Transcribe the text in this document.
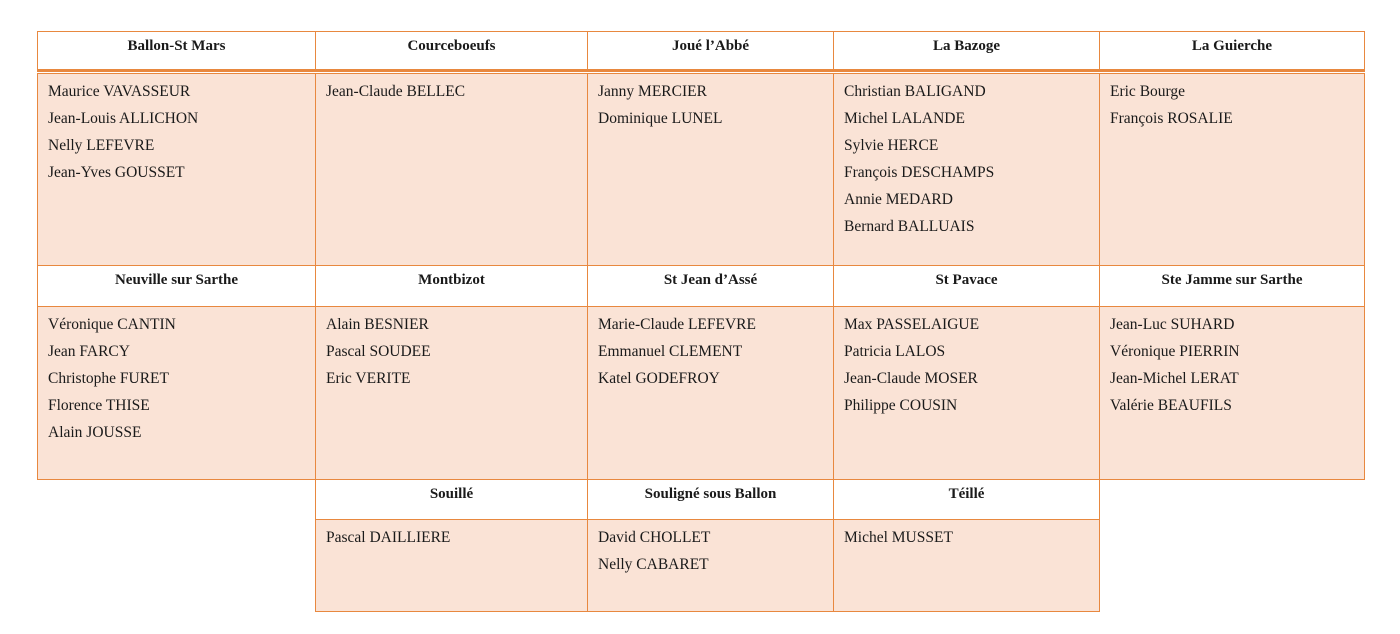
Ballon-St Mars
Maurice VAVASSEUR
Jean-Louis ALLICHON
Nelly LEFEVRE
Jean-Yves GOUSSET
Courceboeufs
Jean-Claude BELLEC
Joué l’Abbé
Janny MERCIER
Dominique LUNEL
La Bazoge
Christian BALIGAND
Michel LALANDE
Sylvie HERCE
François DESCHAMPS
Annie MEDARD
Bernard BALLUAIS
La Guierche
Eric Bourge
François ROSALIE
Neuville sur Sarthe
Véronique CANTIN
Jean FARCY
Christophe FURET
Florence THISE
Alain JOUSSE
Montbizot
Alain BESNIER
Pascal SOUDEE
Eric VERITE
St Jean d’Assé
Marie-Claude LEFEVRE
Emmanuel CLEMENT
Katel GODEFROY
St Pavace
Max PASSELAIGUE
Patricia LALOS
Jean-Claude MOSER
Philippe COUSIN
Ste Jamme sur Sarthe
Jean-Luc SUHARD
Véronique PIERRIN
Jean-Michel LERAT
Valérie BEAUFILS
Souillé
Pascal DAILLIERE
Souligné sous Ballon
David CHOLLET
Nelly CABARET
Téillé
Michel MUSSET
